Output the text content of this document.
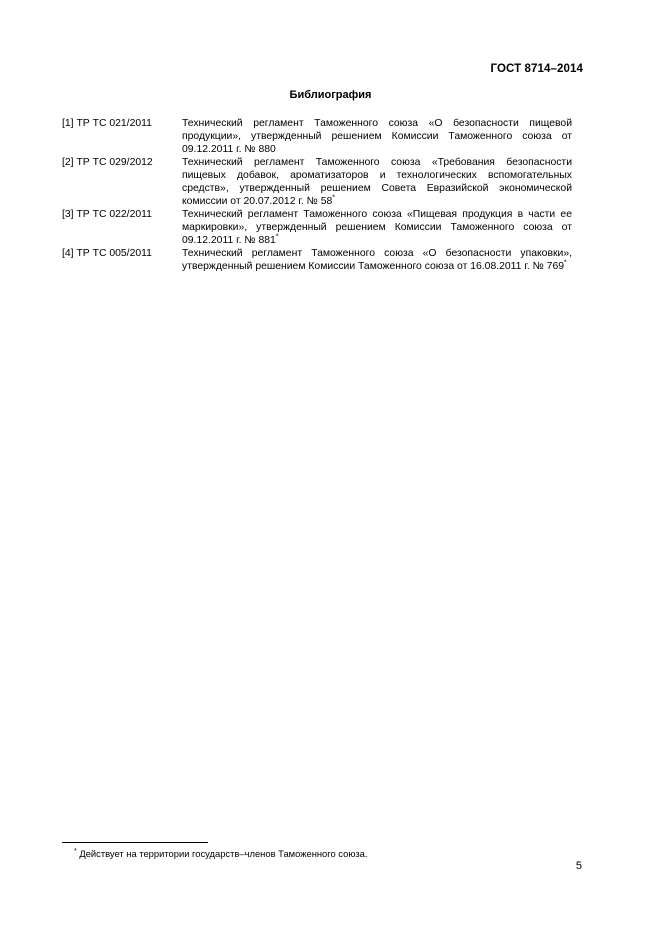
ГОСТ 8714–2014
Библиография
[1] ТР ТС 021/2011	Технический регламент Таможенного союза «О безопасности пищевой продукции», утвержденный решением Комиссии Таможенного союза от 09.12.2011 г. № 880
[2] ТР ТС 029/2012	Технический регламент Таможенного союза «Требования безопасности пищевых добавок, ароматизаторов и технологических вспомогательных средств», утвержденный решением Совета Евразийской экономической комиссии от 20.07.2012 г. № 58*
[3] ТР ТС 022/2011	Технический регламент Таможенного союза «Пищевая продукция в части ее маркировки», утвержденный решением Комиссии Таможенного союза от 09.12.2011 г. № 881*
[4] ТР ТС 005/2011	Технический регламент Таможенного союза «О безопасности упаковки», утвержденный решением Комиссии Таможенного союза от 16.08.2011 г. № 769*
* Действует на территории государств–членов Таможенного союза.
5
